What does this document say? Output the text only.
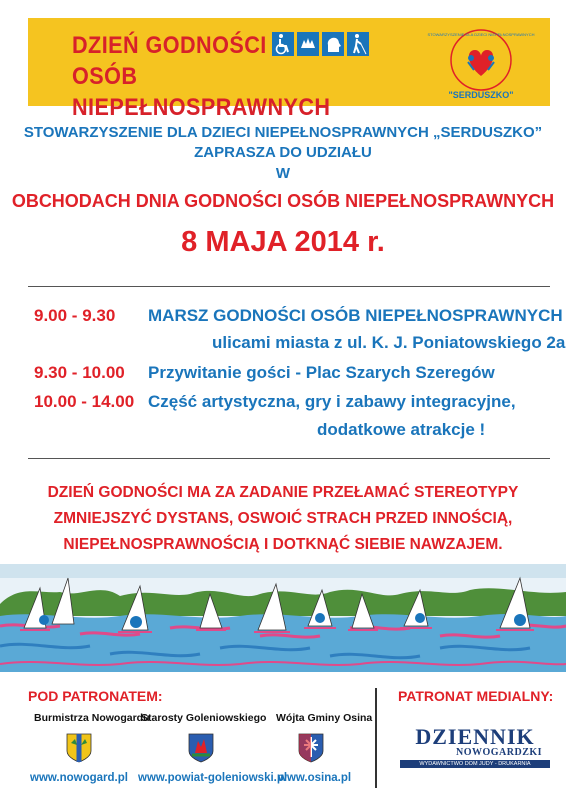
DZIEŃ GODNOŚCI
OSÓB NIEPEŁNOSPRAWNYCH
STOWARZYSZENIE DLA DZIECI NIEPEŁNOSPRAWNYCH
"SERDUSZKO"
STOWARZYSZENIE DLA DZIECI NIEPEŁNOSPRAWNYCH „SERDUSZKO”
ZAPRASZA DO UDZIAŁU
W
OBCHODACH DNIA GODNOŚCI OSÓB NIEPEŁNOSPRAWNYCH
8 MAJA 2014 r.
9.00 - 9.30 MARSZ GODNOŚCI OSÓB NIEPEŁNOSPRAWNYCH
ulicami miasta z ul. K. J. Poniatowskiego 2a
9.30 - 10.00 Przywitanie gości - Plac Szarych Szeregów
10.00 - 14.00 Część artystyczna, gry i zabawy integracyjne,
dodatkowe atrakcje !
DZIEŃ GODNOŚCI MA ZA ZADANIE PRZEŁAMAĆ STEREOTYPY
ZMNIEJSZYĆ DYSTANS, OSWOIĆ STRACH PRZED INNOŚCIĄ,
NIEPEŁNOSPRAWNOŚCIĄ I DOTKNĄĆ SIEBIE NAWZAJEM.
POD PATRONATEM:	PATRONAT MEDIALNY:
Burmistrza Nowogardu
Starosty Goleniowskiego Wójta Gminy Osina
www.nowogard.pl www.powiat-goleniowski.pl
www.osina.pl
DZIENNIK
NOWOGARDZKI
WYDAWNICTWO DOM JUDY - DRUKARNIA
